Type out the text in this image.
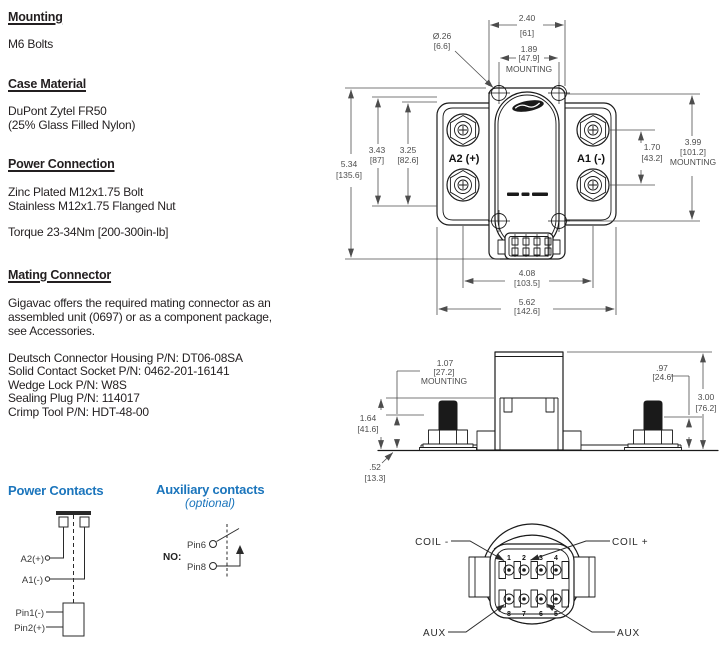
Mounting
M6 Bolts
Case Material
DuPont Zytel FR50
(25% Glass Filled Nylon)
Power Connection
Zinc Plated M12x1.75 Bolt
Stainless M12x1.75 Flanged Nut
Torque 23-34Nm [200-300in-lb]
Mating Connector
Gigavac offers the required mating connector as an
assembled unit (0697) or as a component package,
see Accessories.
Deutsch Connector Housing P/N: DT06-08SA
Solid Contact Socket P/N: 0462-201-16141
Wedge Lock P/N: W8S
Sealing Plug P/N: 114017
Crimp Tool P/N: HDT-48-00
Power Contacts	Auxiliary contacts
(optional)
A2 (+)	A1 (-)
2.40
[61]
1.89
[47.9]
MOUNTING
Ø.26
[6.6]
5.34
[135.6]
3.43
[87]
3.25
[82.6]
1.70
[43.2]
3.99
[101.2]
MOUNTING
4.08
[103.5]
5.62
[142.6]
1.07
[27.2]
MOUNTING
1.64
[41.6]
.52
[13.3]
.97
[24.6]
3.00
[76.2]
1 2 3 4
8 7 6 5
COIL -	COIL +
AUX	AUX
A2(+)
A1(-)
Pin1(-)
Pin2(+)
NO:
Pin6
Pin8
